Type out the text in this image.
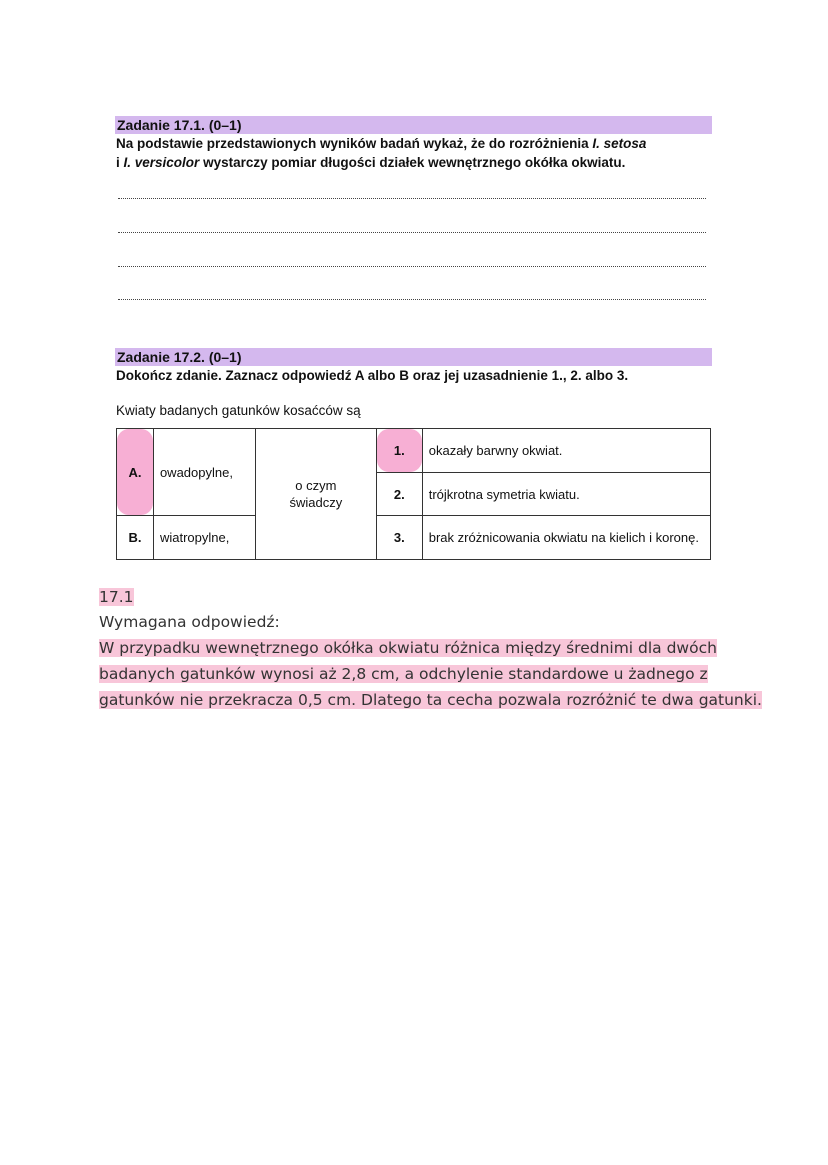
Zadanie 17.1. (0–1)
Na podstawie przedstawionych wyników badań wykaż, że do rozróżnienia I. setosa
i I. versicolor wystarczy pomiar długości działek wewnętrznego okółka okwiatu.
Zadanie 17.2. (0–1)
Dokończ zdanie. Zaznacz odpowiedź A albo B oraz jej uzasadnienie 1., 2. albo 3.
Kwiaty badanych gatunków kosaćców są
A.	owadopylne,	o czym świadczy	1.	okazały barwny okwiat.
			2.	trójkrotna symetria kwiatu.
B.	wiatropylne,		3.	brak zróżnicowania okwiatu na kielich i koronę.
17.1
Wymagana odpowiedź:
W przypadku wewnętrznego okółka okwiatu różnica między średnimi dla dwóch
badanych gatunków wynosi aż 2,8 cm, a odchylenie standardowe u żadnego z
gatunków nie przekracza 0,5 cm. Dlatego ta cecha pozwala rozróżnić te dwa gatunki.
